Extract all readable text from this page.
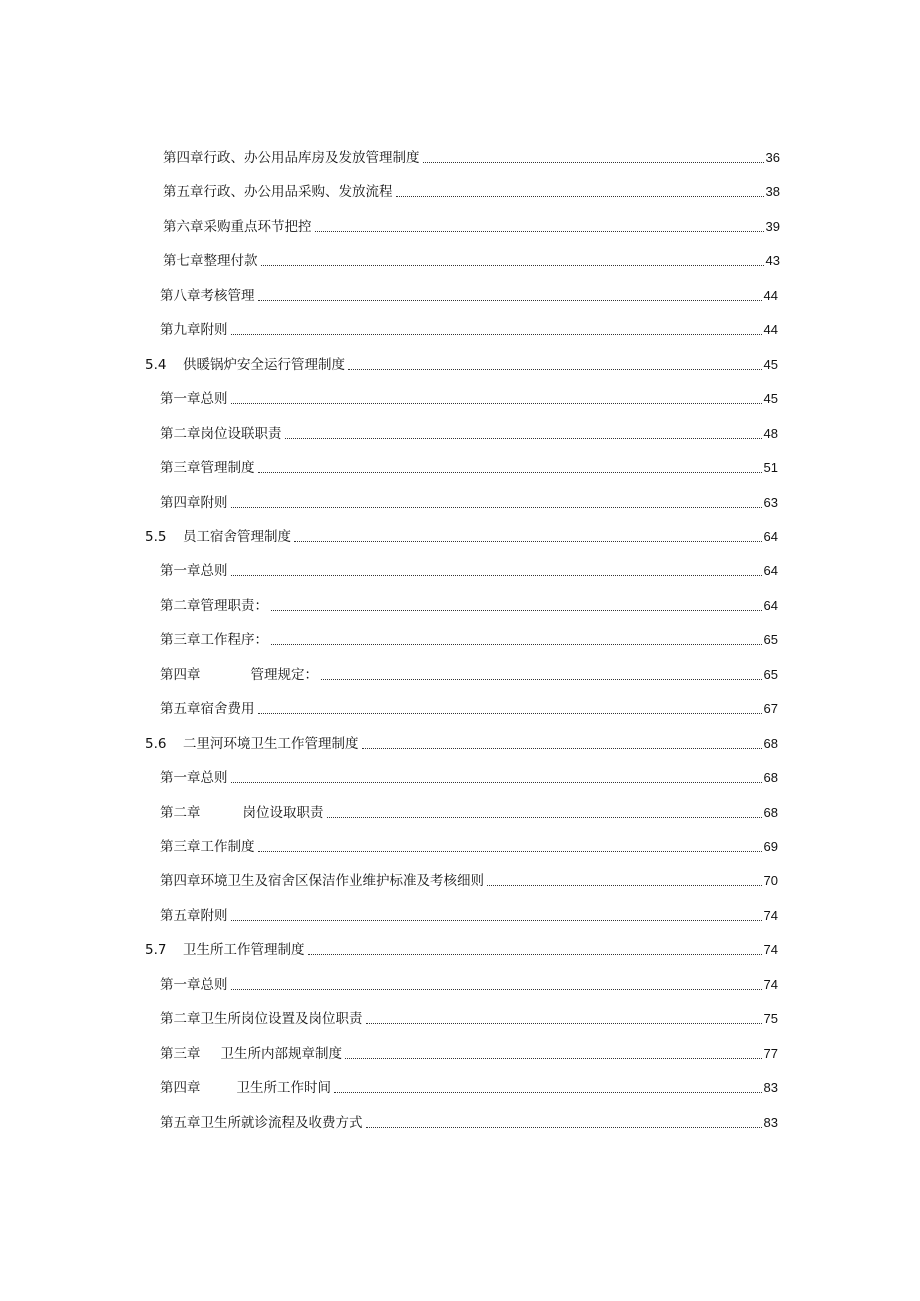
第四章行政、办公用品库房及发放管理制度	36
第五章行政、办公用品采购、发放流程	38
第六章采购重点环节把控	39
第七章整理付款	43
第八章考核管理	44
第九章附则	44
5.4	供暖锅炉安全运行管理制度	45
第一章总则	45
第二章岗位设联职责	48
第三章管理制度	51
第四章附则	63
5.5	员工宿舍管理制度	64
第一章总则	64
第二章管理职责：	64
第三章工作程序：	65
第四章	管理规定：	65
第五章宿舍费用	67
5.6	二里河环境卫生工作管理制度	68
第一章总则	68
第二章	岗位设取职责	68
第三章工作制度	69
第四章环境卫生及宿舍区保洁作业维护标准及考核细则	70
第五章附则	74
5.7	卫生所工作管理制度	74
第一章总则	74
第二章卫生所岗位设置及岗位职责	75
第三章 卫生所内部规章制度	77
第四章	卫生所工作时间	83
第五章卫生所就诊流程及收费方式	83
